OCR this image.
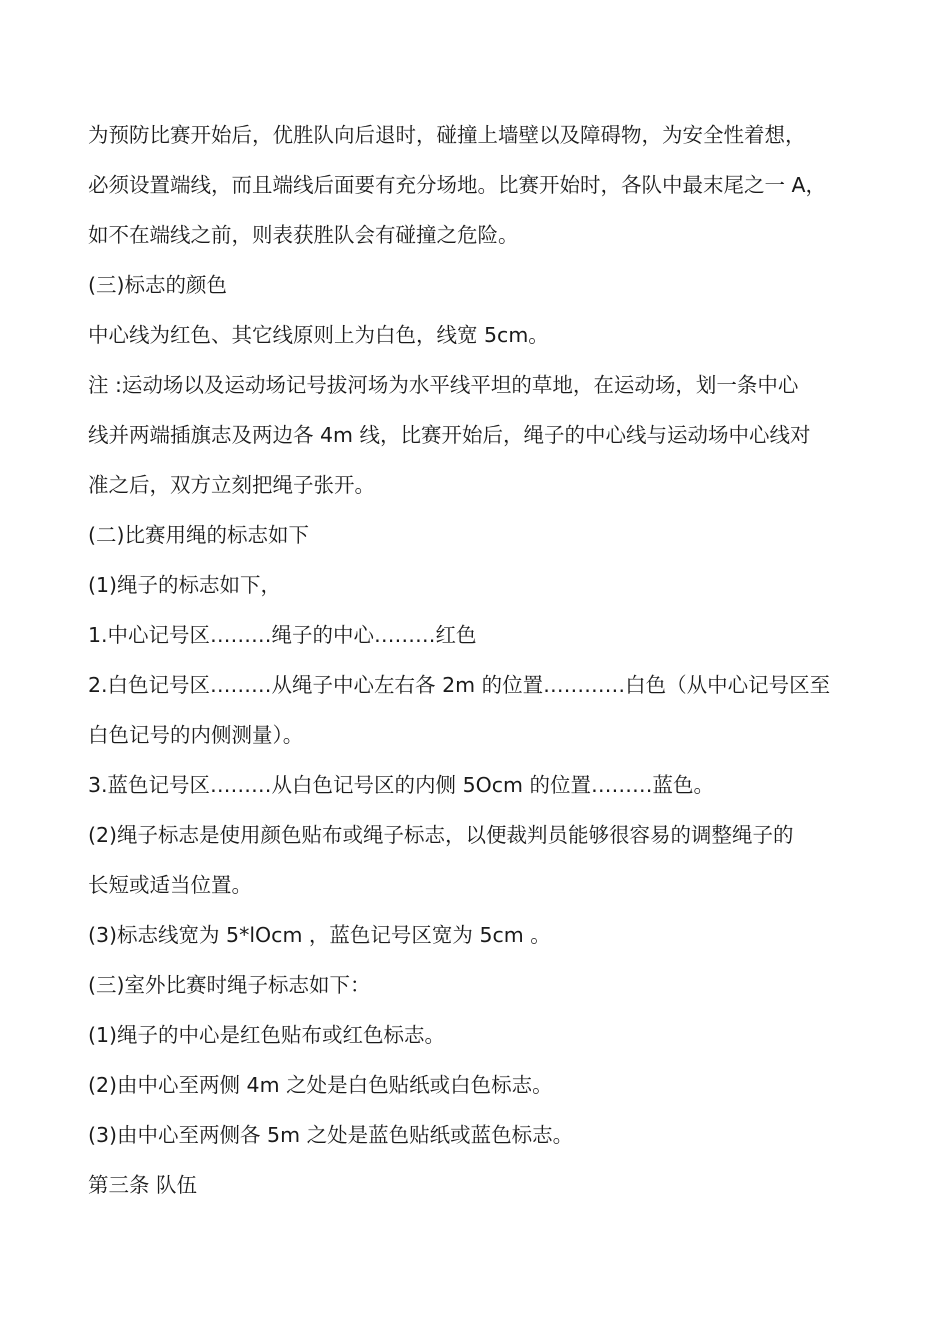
为预防比赛开始后，优胜队向后退时，碰撞上墙壁以及障碍物，为安全性着想，
必须设置端线，而且端线后面要有充分场地。比赛开始时，各队中最末尾之一 A，
如不在端线之前，则表获胜队会有碰撞之危险。
(三)标志的颜色
中心线为红色、其它线原则上为白色，线宽 5cm。
注 :运动场以及运动场记号拔河场为水平线平坦的草地，在运动场，划一条中心
线并两端插旗志及两边各 4m 线，比赛开始后，绳子的中心线与运动场中心线对
准之后，双方立刻把绳子张开。
(二)比赛用绳的标志如下
(1)绳子的标志如下，
1.中心记号区………绳子的中心………红色
2.白色记号区………从绳子中心左右各 2m 的位置…………白色（从中心记号区至
白色记号的内侧测量）。
3.蓝色记号区………从白色记号区的内侧 5Ocm 的位置………蓝色。
(2)绳子标志是使用颜色贴布或绳子标志，以便裁判员能够很容易的调整绳子的
长短或适当位置。
(3)标志线宽为 5*lOcm ，蓝色记号区宽为 5cm 。
(三)室外比赛时绳子标志如下：
(1)绳子的中心是红色贴布或红色标志。
(2)由中心至两侧 4m 之处是白色贴纸或白色标志。
(3)由中心至两侧各 5m 之处是蓝色贴纸或蓝色标志。
第三条 队伍
